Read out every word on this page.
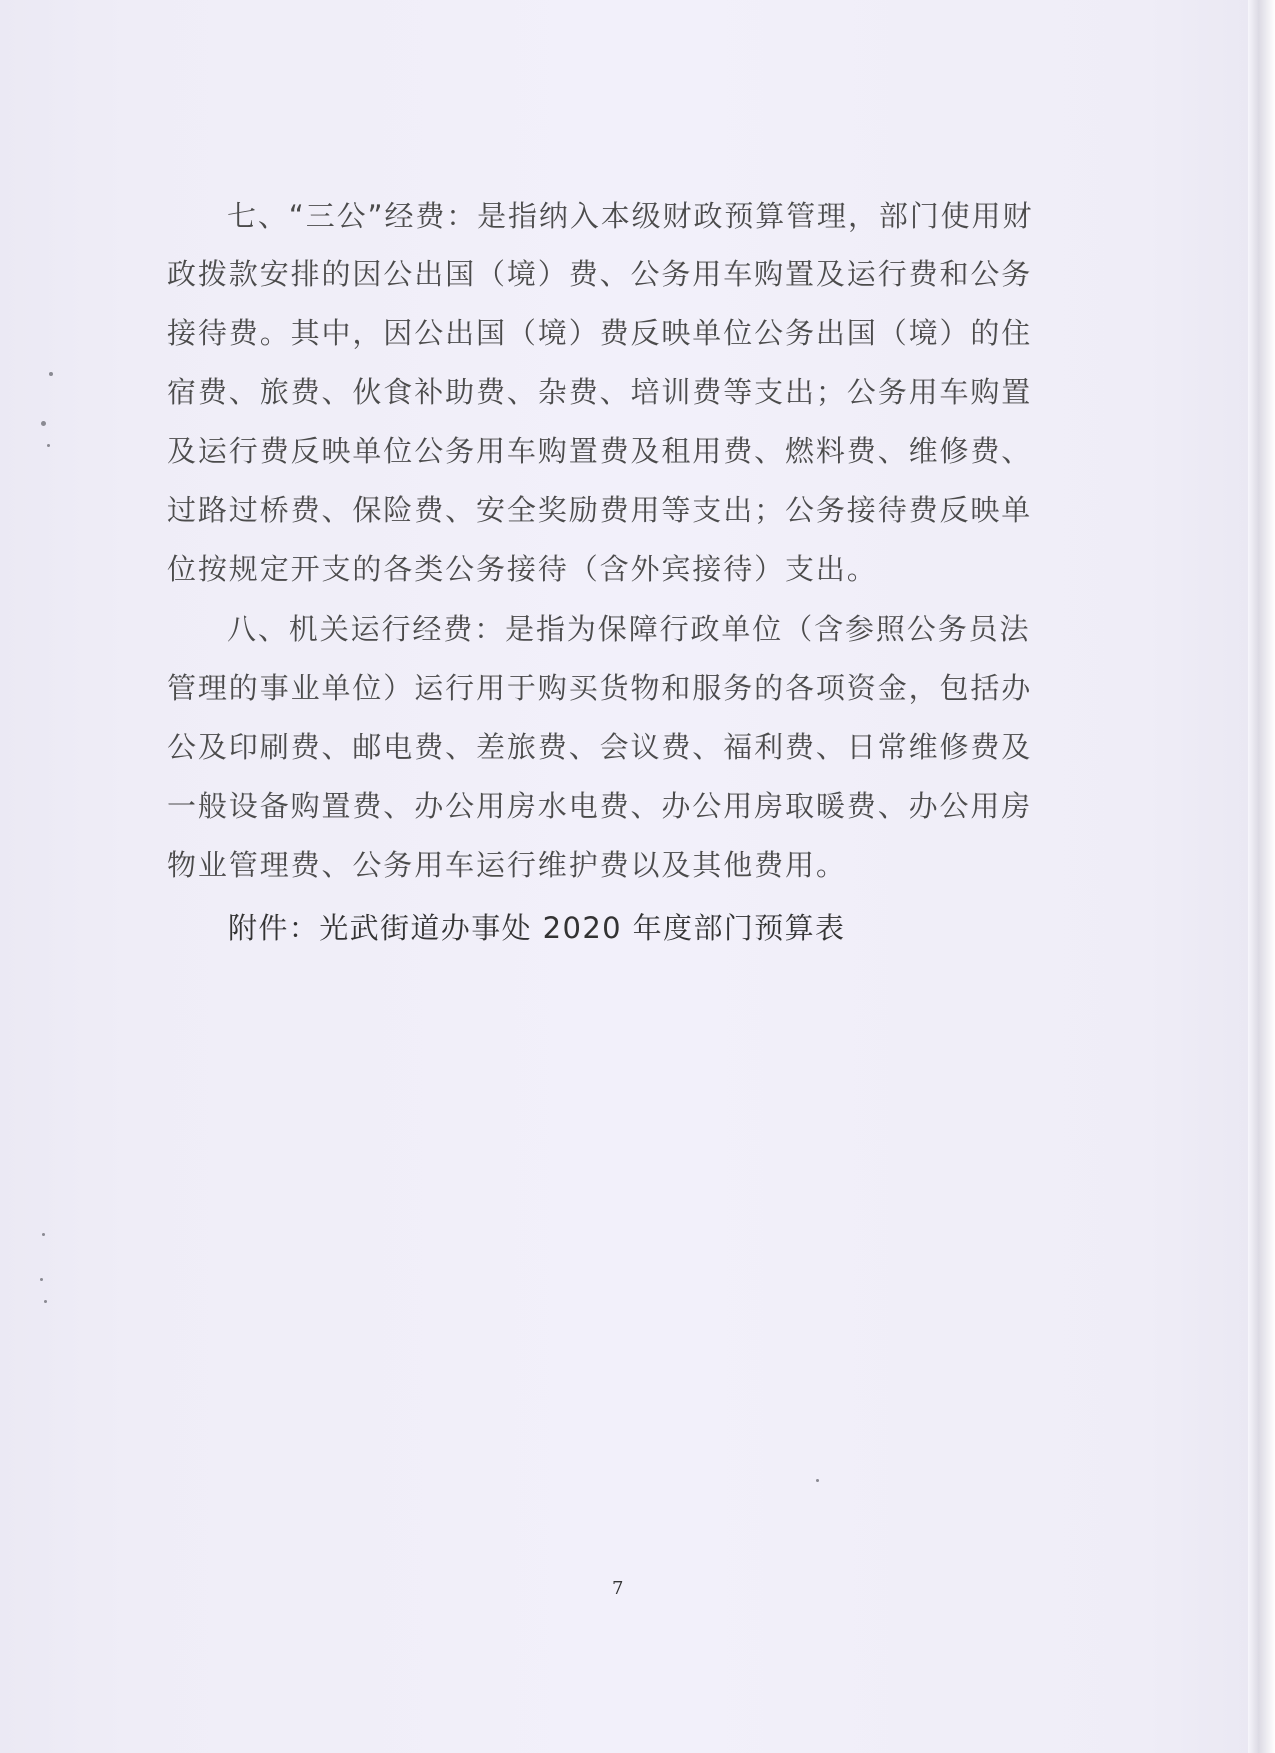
七、“三公”经费：是指纳入本级财政预算管理，部门使用财
政拨款安排的因公出国（境）费、公务用车购置及运行费和公务
接待费。其中，因公出国（境）费反映单位公务出国（境）的住
宿费、旅费、伙食补助费、杂费、培训费等支出；公务用车购置
及运行费反映单位公务用车购置费及租用费、燃料费、维修费、
过路过桥费、保险费、安全奖励费用等支出；公务接待费反映单
位按规定开支的各类公务接待（含外宾接待）支出。
八、机关运行经费：是指为保障行政单位（含参照公务员法
管理的事业单位）运行用于购买货物和服务的各项资金，包括办
公及印刷费、邮电费、差旅费、会议费、福利费、日常维修费及
一般设备购置费、办公用房水电费、办公用房取暖费、办公用房
物业管理费、公务用车运行维护费以及其他费用。
附件：光武街道办事处 2020 年度部门预算表
7
